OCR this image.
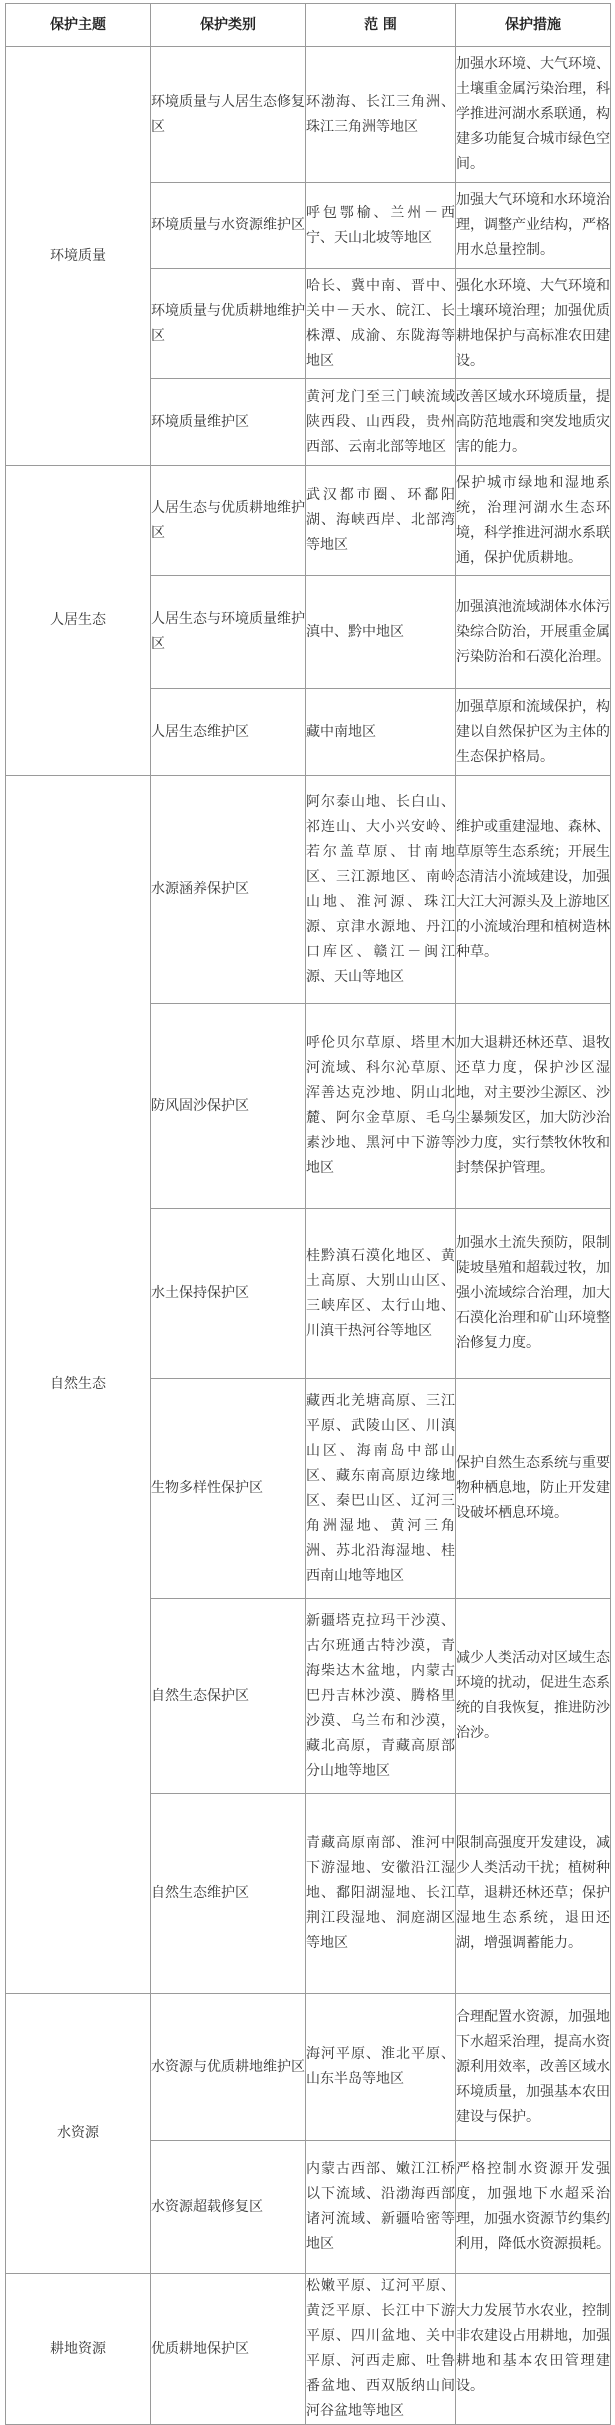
保护主题	保护类别	范 围	保护措施
环境质量	环境质量与人居生态修复区	环渤海、长江三角洲、珠江三角洲等地区	加强水环境、大气环境、土壤重金属污染治理，科学推进河湖水系联通，构建多功能复合城市绿色空间。
	环境质量与水资源维护区	呼包鄂榆、兰州－西宁、天山北坡等地区	加强大气环境和水环境治理，调整产业结构，严格用水总量控制。
	环境质量与优质耕地维护区	哈长、冀中南、晋中、关中－天水、皖江、长株潭、成渝、东陇海等地区	强化水环境、大气环境和土壤环境治理；加强优质耕地保护与高标准农田建设。
	环境质量维护区	黄河龙门至三门峡流域陕西段、山西段，贵州西部、云南北部等地区	改善区域水环境质量，提高防范地震和突发地质灾害的能力。
人居生态	人居生态与优质耕地维护区	武汉都市圈、环鄱阳湖、海峡西岸、北部湾等地区	保护城市绿地和湿地系统，治理河湖水生态环境，科学推进河湖水系联通，保护优质耕地。
	人居生态与环境质量维护区	滇中、黔中地区	加强滇池流域湖体水体污染综合防治，开展重金属污染防治和石漠化治理。
	人居生态维护区	藏中南地区	加强草原和流域保护，构建以自然保护区为主体的生态保护格局。
自然生态	水源涵养保护区	阿尔泰山地、长白山、祁连山、大小兴安岭、若尔盖草原、甘南地区、三江源地区、南岭山地、淮河源、珠江源、京津水源地、丹江口库区、赣江－闽江源、天山等地区	维护或重建湿地、森林、草原等生态系统；开展生态清洁小流域建设，加强大江大河源头及上游地区的小流域治理和植树造林种草。
	防风固沙保护区	呼伦贝尔草原、塔里木河流域、科尔沁草原、浑善达克沙地、阴山北麓、阿尔金草原、毛乌素沙地、黑河中下游等地区	加大退耕还林还草、退牧还草力度，保护沙区湿地，对主要沙尘源区、沙尘暴频发区，加大防沙治沙力度，实行禁牧休牧和封禁保护管理。
	水土保持保护区	桂黔滇石漠化地区、黄土高原、大别山山区、三峡库区、太行山地、川滇干热河谷等地区	加强水土流失预防，限制陡坡垦殖和超载过牧，加强小流域综合治理，加大石漠化治理和矿山环境整治修复力度。
	生物多样性保护区	藏西北羌塘高原、三江平原、武陵山区、川滇山区、海南岛中部山区、藏东南高原边缘地区、秦巴山区、辽河三角洲湿地、黄河三角洲、苏北沿海湿地、桂西南山地等地区	保护自然生态系统与重要物种栖息地，防止开发建设破坏栖息环境。
	自然生态保护区	新疆塔克拉玛干沙漠、古尔班通古特沙漠，青海柴达木盆地，内蒙古巴丹吉林沙漠、腾格里沙漠、乌兰布和沙漠，藏北高原，青藏高原部分山地等地区	减少人类活动对区域生态环境的扰动，促进生态系统的自我恢复，推进防沙治沙。
	自然生态维护区	青藏高原南部、淮河中下游湿地、安徽沿江湿地、鄱阳湖湿地、长江荆江段湿地、洞庭湖区等地区	限制高强度开发建设，减少人类活动干扰；植树种草，退耕还林还草；保护湿地生态系统，退田还湖，增强调蓄能力。
水资源	水资源与优质耕地维护区	海河平原、淮北平原、山东半岛等地区	合理配置水资源，加强地下水超采治理，提高水资源利用效率，改善区域水环境质量，加强基本农田建设与保护。
	水资源超载修复区	内蒙古西部、嫩江江桥以下流域、沿渤海西部诸河流域、新疆哈密等地区	严格控制水资源开发强度，加强地下水超采治理，加强水资源节约集约利用，降低水资源损耗。
耕地资源	优质耕地保护区	松嫩平原、辽河平原、黄泛平原、长江中下游平原、四川盆地、关中平原、河西走廊、吐鲁番盆地、西双版纳山间河谷盆地等地区	大力发展节水农业，控制非农建设占用耕地，加强耕地和基本农田管理建设。
